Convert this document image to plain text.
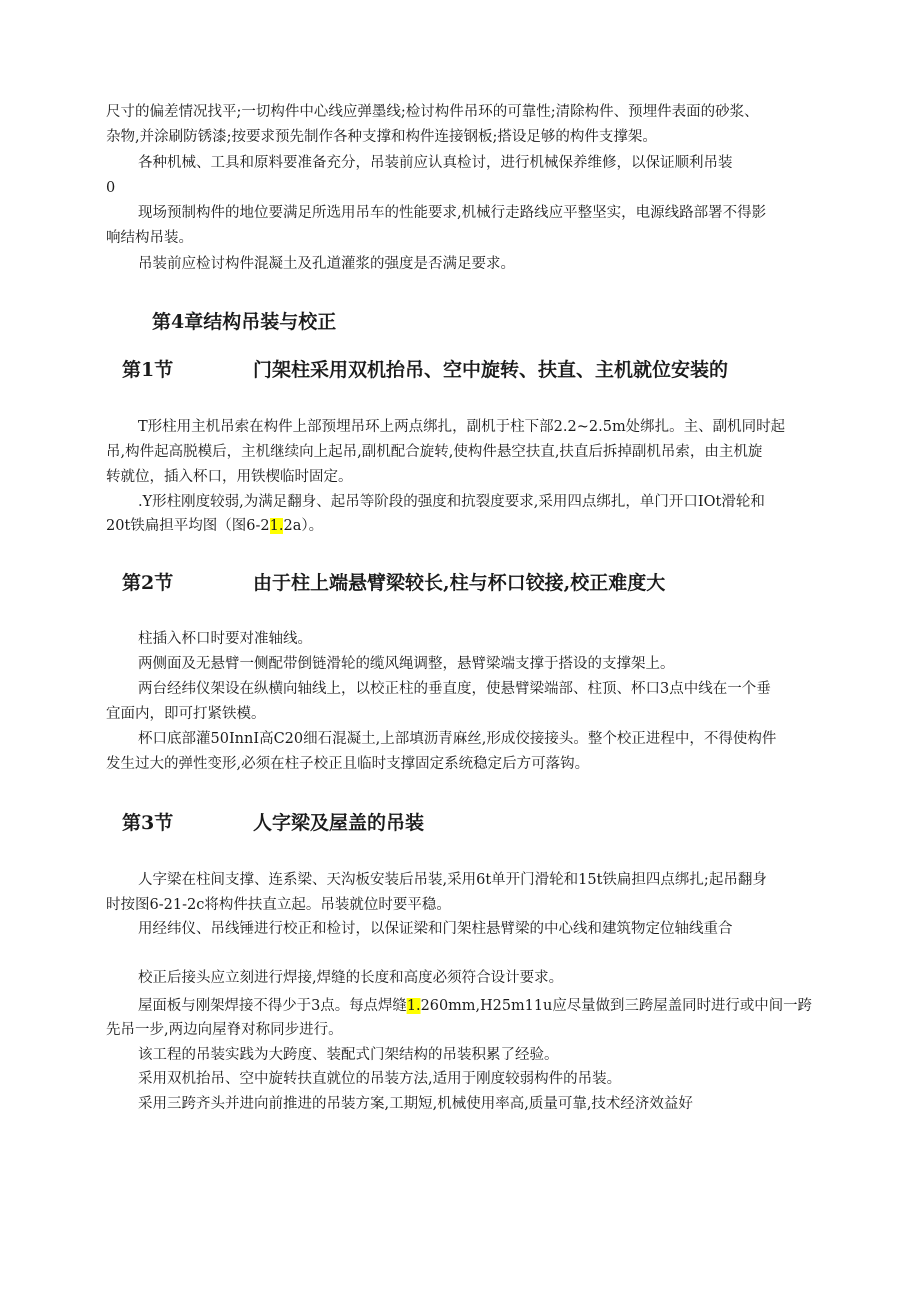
尺寸的偏差情况找平;一切构件中心线应弹墨线;检讨构件吊环的可靠性;清除构件、预埋件表面的砂浆、

杂物,并涂刷防锈漆;按要求预先制作各种支撑和构件连接钢板;搭设足够的构件支撑架。

各种机械、工具和原料要准备充分，吊装前应认真检讨，进行机械保养维修，以保证顺利吊装

0

现场预制构件的地位要满足所选用吊车的性能要求,机械行走路线应平整坚实，电源线路部署不得影

响结构吊装。

吊装前应检讨构件混凝土及孔道灌浆的强度是否满足要求。

第4章结构吊装与校正
第1节	门架柱采用双机抬吊、空中旋转、扶直、主机就位安装的

T形柱用主机吊索在构件上部预埋吊环上两点绑扎，副机于柱下部2.2~2.5m处绑扎。主、副机同时起

吊,构件起高脱模后，主机继续向上起吊,副机配合旋转,使构件悬空扶直,扶直后拆掉副机吊索，由主机旋

转就位，插入杯口，用铁楔临时固定。

.Y形柱刚度较弱,为满足翻身、起吊等阶段的强度和抗裂度要求,采用四点绑扎，单门开口IOt滑轮和

20t铁扁担平均图（图6-21.2a）。

第2节	由于柱上端悬臂梁较长,柱与杯口铰接,校正难度大

柱插入杯口时要对准轴线。

两侧面及无悬臂一侧配带倒链滑轮的缆风绳调整，悬臂梁端支撑于搭设的支撑架上。

两台经纬仪架设在纵横向轴线上，以校正柱的垂直度，使悬臂梁端部、柱顶、杯口3点中线在一个垂

宜面内，即可打紧铁模。

杯口底部灌50InnI高C20细石混凝土,上部填沥青麻丝,形成佼接接头。整个校正进程中，不得使构件

发生过大的弹性变形,必须在柱子校正且临时支撑固定系统稳定后方可落钩。

第3节	人字梁及屋盖的吊装

人字梁在柱间支撑、连系梁、天沟板安装后吊装,采用6t单开门滑轮和15t铁扁担四点绑扎;起吊翻身

时按图6-21-2c将构件扶直立起。吊装就位时要平稳。

用经纬仪、吊线锤进行校正和检讨，以保证梁和门架柱悬臂梁的中心线和建筑物定位轴线重合

校正后接头应立刻进行焊接,焊缝的长度和高度必须符合设计要求。

屋面板与刚架焊接不得少于3点。每点焊缝1.260mm,H25m11u应尽量做到三跨屋盖同时进行或中间一跨

先吊一步,两边向屋脊对称同步进行。

该工程的吊装实践为大跨度、装配式门架结构的吊装积累了经验。

采用双机抬吊、空中旋转扶直就位的吊装方法,适用于刚度较弱构件的吊装。

采用三跨齐头并进向前推进的吊装方案,工期短,机械使用率高,质量可靠,技术经济效益好
